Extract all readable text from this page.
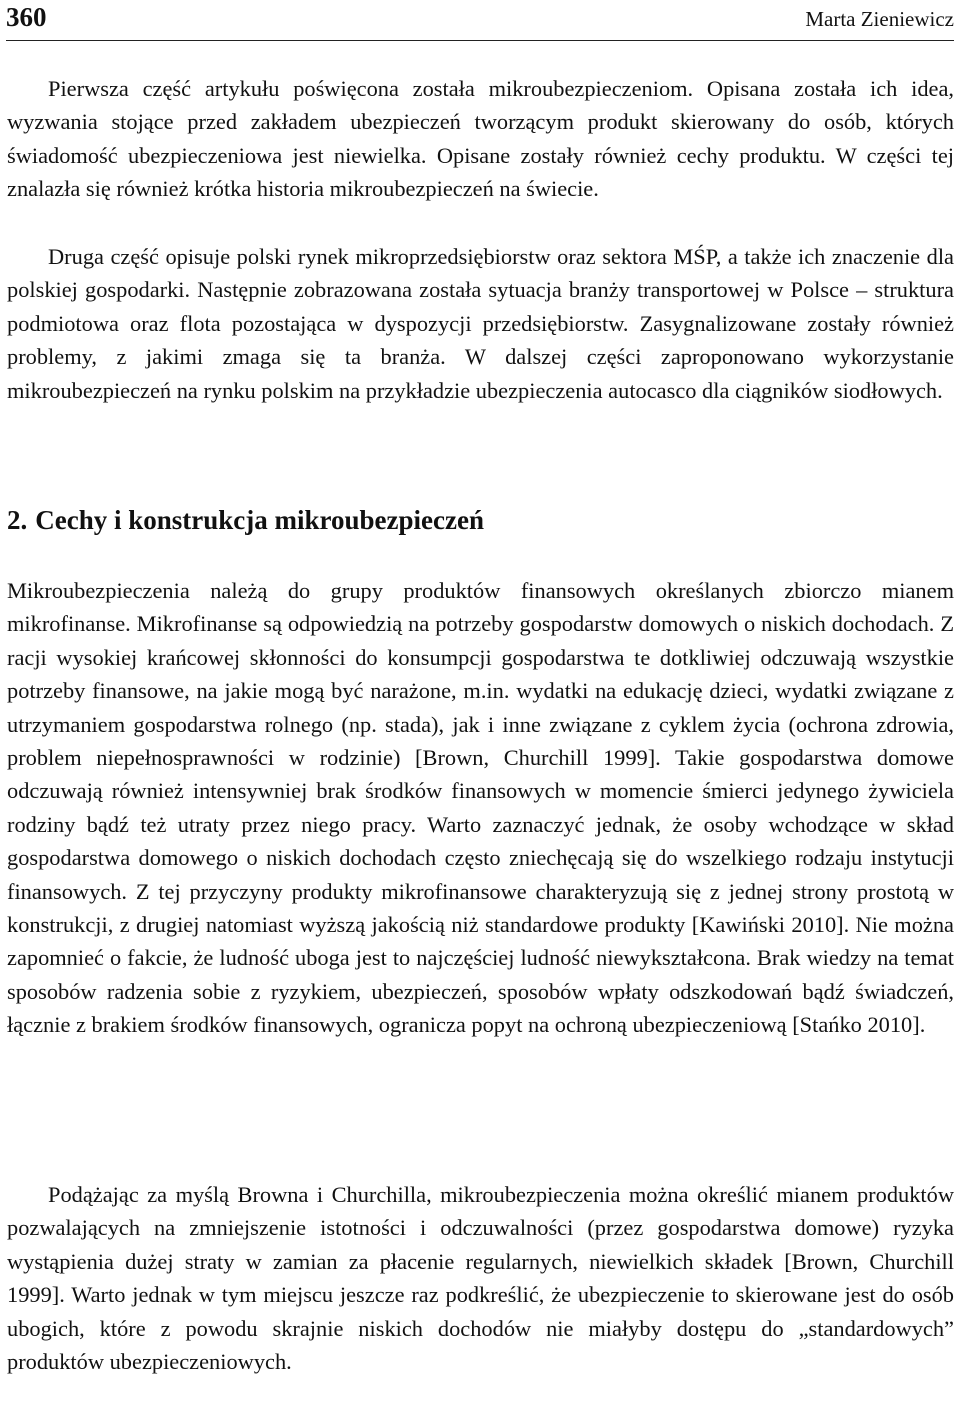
360	Marta Zieniewicz

Pierwsza część artykułu poświęcona została mikroubezpieczeniom. Opisana została ich idea, wyzwania stojące przed zakładem ubezpieczeń tworzącym produkt skierowany do osób, których świadomość ubezpieczeniowa jest niewielka. Opisane zostały również cechy produktu. W części tej znalazła się również krótka historia mikroubezpieczeń na świecie.

Druga część opisuje polski rynek mikroprzedsiębiorstw oraz sektora MŚP, a także ich znaczenie dla polskiej gospodarki. Następnie zobrazowana została sytuacja branży transportowej w Polsce – struktura podmiotowa oraz flota pozostająca w dyspozycji przedsiębiorstw. Zasygnalizowane zostały również problemy, z jakimi zmaga się ta branża. W dalszej części zaproponowano wykorzystanie mikroubezpieczeń na rynku polskim na przykładzie ubezpieczenia autocasco dla ciągników siodłowych.

2. Cechy i konstrukcja mikroubezpieczeń

Mikroubezpieczenia należą do grupy produktów finansowych określanych zbiorczo mianem mikrofinanse. Mikrofinanse są odpowiedzią na potrzeby gospodarstw domowych o niskich dochodach. Z racji wysokiej krańcowej skłonności do konsumpcji gospodarstwa te dotkliwiej odczuwają wszystkie potrzeby finansowe, na jakie mogą być narażone, m.in. wydatki na edukację dzieci, wydatki związane z utrzymaniem gospodarstwa rolnego (np. stada), jak i inne związane z cyklem życia (ochrona zdrowia, problem niepełnosprawności w rodzinie) [Brown, Churchill 1999]. Takie gospodarstwa domowe odczuwają również intensywniej brak środków finansowych w momencie śmierci jedynego żywiciela rodziny bądź też utraty przez niego pracy. Warto zaznaczyć jednak, że osoby wchodzące w skład gospodarstwa domowego o niskich dochodach często zniechęcają się do wszelkiego rodzaju instytucji finansowych. Z tej przyczyny produkty mikrofinansowe charakteryzują się z jednej strony prostotą w konstrukcji, z drugiej natomiast wyższą jakością niż standardowe produkty [Kawiński 2010]. Nie można zapomnieć o fakcie, że ludność uboga jest to najczęściej ludność niewykształcona. Brak wiedzy na temat sposobów radzenia sobie z ryzykiem, ubezpieczeń, sposobów wpłaty odszkodowań bądź świadczeń, łącznie z brakiem środków finansowych, ogranicza popyt na ochroną ubezpieczeniową [Stańko 2010].

Podążając za myślą Browna i Churchilla, mikroubezpieczenia można określić mianem produktów pozwalających na zmniejszenie istotności i odczuwalności (przez gospodarstwa domowe) ryzyka wystąpienia dużej straty w zamian za płacenie regularnych, niewielkich składek [Brown, Churchill 1999]. Warto jednak w tym miejscu jeszcze raz podkreślić, że ubezpieczenie to skierowane jest do osób ubogich, które z powodu skrajnie niskich dochodów nie miałyby dostępu do „standardowych” produktów ubezpieczeniowych.
